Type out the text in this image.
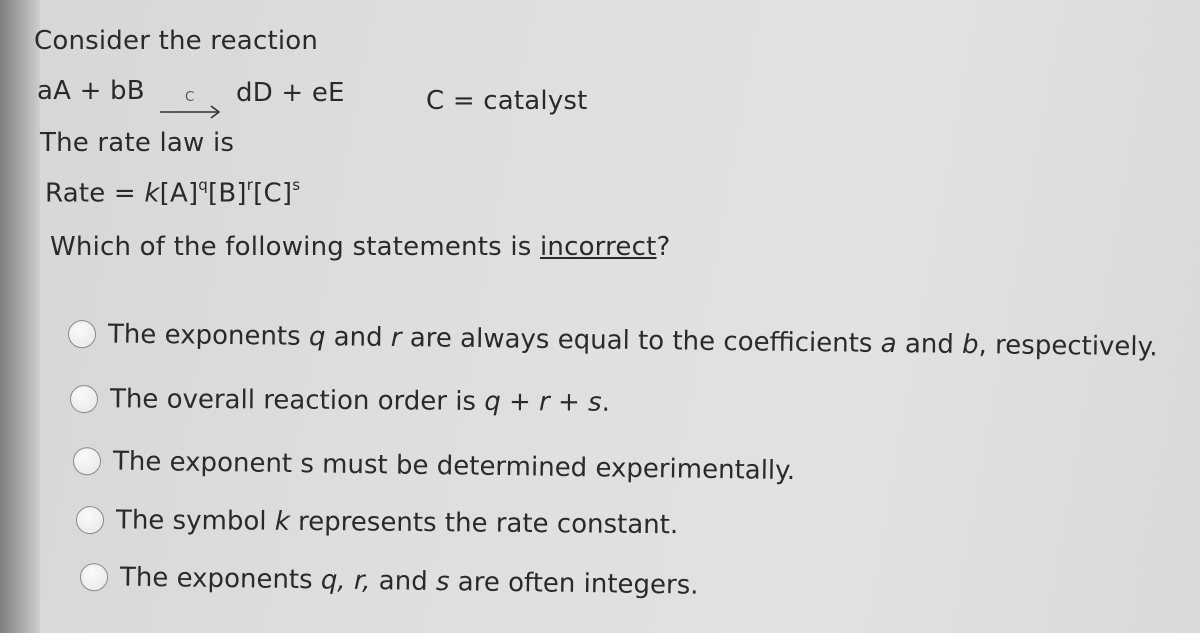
Consider the reaction
aA + bB	C dD + eE	C = catalyst
The rate law is
Rate = $k[A]^q[B]^r[C]^s$
Which of the following statements is incorrect?
The exponents q and r are always equal to the coefficients a and b, respectively.
The overall reaction order is q + r + s.
The exponent s must be determined experimentally.
The symbol k represents the rate constant.
The exponents q, r, and s are often integers.
